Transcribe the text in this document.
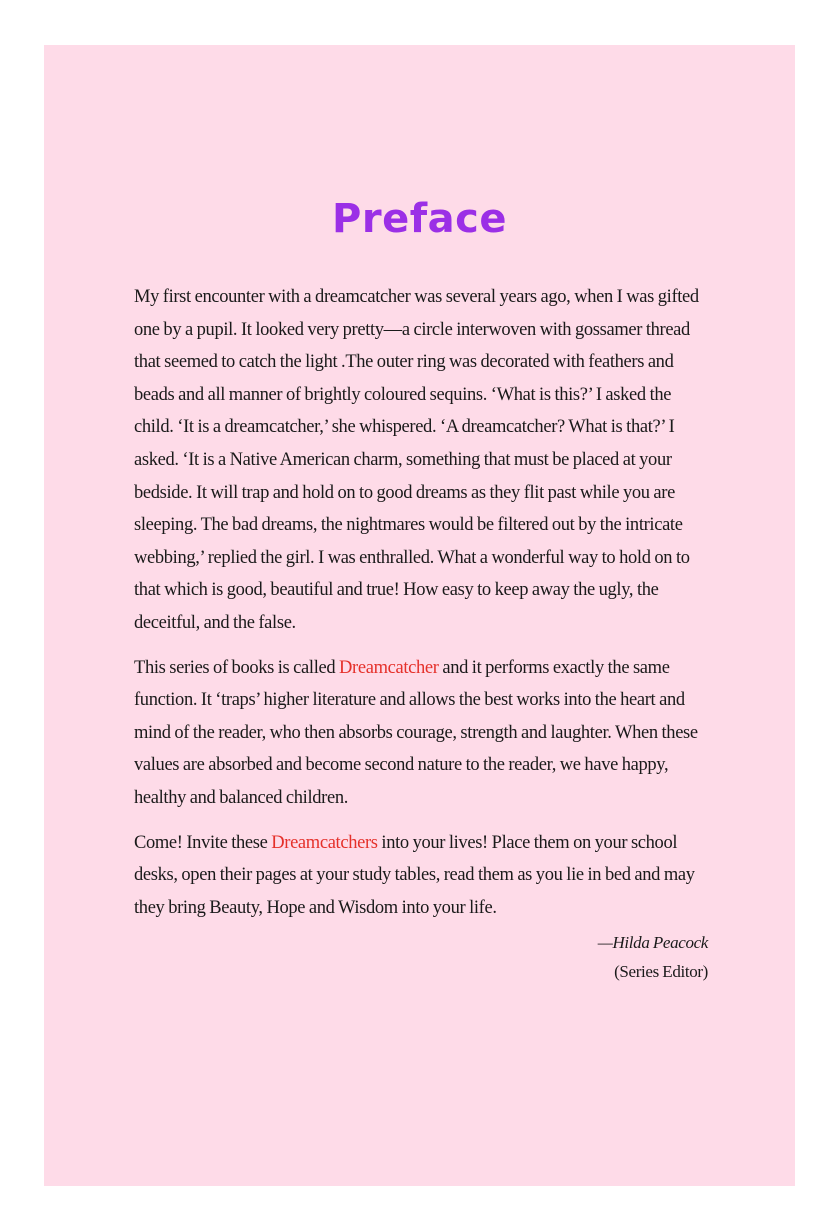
Preface

My first encounter with a dreamcatcher was several years ago, when I was gifted one by a pupil. It looked very pretty—a circle interwoven with gossamer thread that seemed to catch the light .The outer ring was decorated with feathers and beads and all manner of brightly coloured sequins. ‘What is this?’ I asked the child. ‘It is a dreamcatcher,’ she whispered. ‘A dreamcatcher? What is that?’ I asked. ‘It is a Native American charm, something that must be placed at your bedside. It will trap and hold on to good dreams as they flit past while you are sleeping. The bad dreams, the nightmares would be filtered out by the intricate webbing,’ replied the girl. I was enthralled. What a wonderful way to hold on to that which is good, beautiful and true! How easy to keep away the ugly, the deceitful, and the false.

This series of books is called Dreamcatcher and it performs exactly the same function. It ‘traps’ higher literature and allows the best works into the heart and mind of the reader, who then absorbs courage, strength and laughter. When these values are absorbed and become second nature to the reader, we have happy, healthy and balanced children.

Come! Invite these Dreamcatchers into your lives! Place them on your school desks, open their pages at your study tables, read them as you lie in bed and may they bring Beauty, Hope and Wisdom into your life.

—Hilda Peacock
(Series Editor)
